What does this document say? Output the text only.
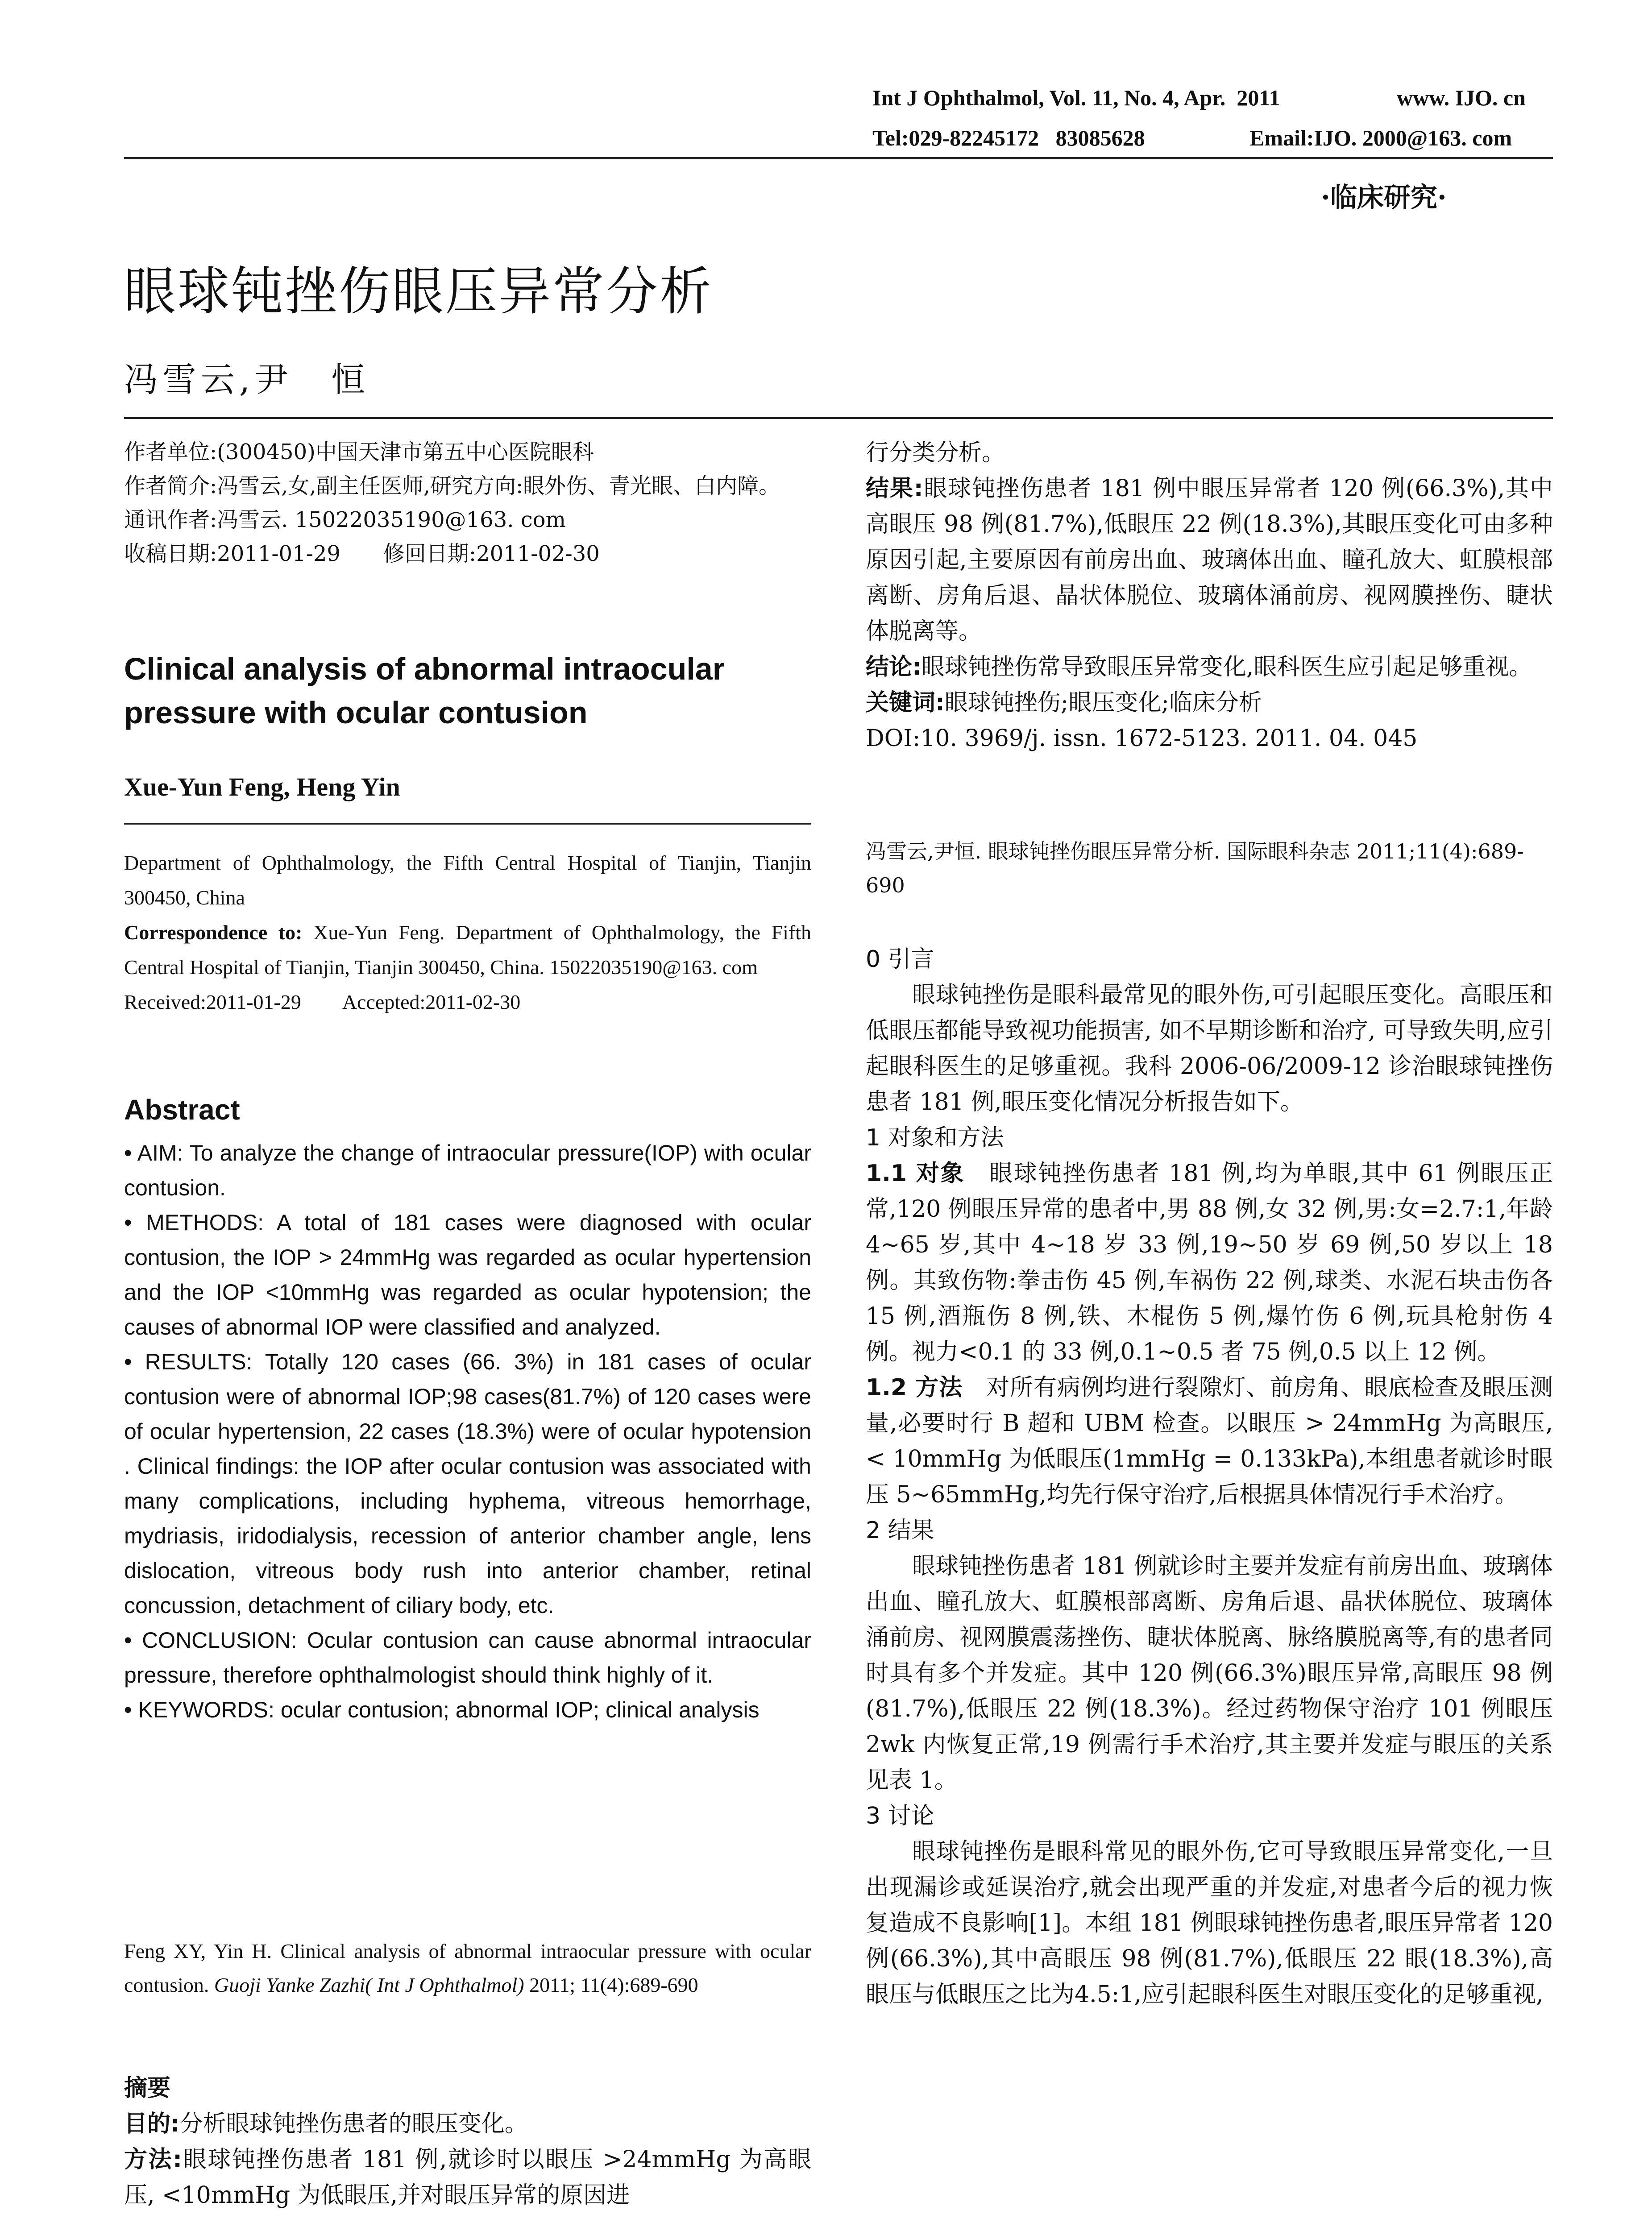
Int J Ophthalmol, Vol. 11, No. 4, Apr.  2011	www. IJO. cn
Tel:029-82245172   83085628	Email:IJO. 2000@163. com
·临床研究·
眼球钝挫伤眼压异常分析
冯雪云,尹　恒
作者单位:(300450)中国天津市第五中心医院眼科
作者简介:冯雪云,女,副主任医师,研究方向:眼外伤、青光眼、白内障。
通讯作者:冯雪云. 15022035190@163. com
收稿日期:2011-01-29　　修回日期:2011-02-30
Clinical analysis of abnormal intraocular pressure with ocular contusion
Xue-Yun Feng, Heng Yin
Department of Ophthalmology, the Fifth Central Hospital of Tianjin, Tianjin 300450, China
Correspondence to: Xue-Yun Feng. Department of Ophthalmology, the Fifth Central Hospital of Tianjin, Tianjin 300450, China. 15022035190@163. com
Received:2011-01-29　　Accepted:2011-02-30
Abstract

• AIM: To analyze the change of intraocular pressure(IOP) with ocular contusion.

• METHODS: A total of 181 cases were diagnosed with ocular contusion, the IOP > 24mmHg was regarded as ocular hypertension and the IOP <10mmHg was regarded as ocular hypotension; the causes of abnormal IOP were classified and analyzed.

• RESULTS: Totally 120 cases (66. 3%) in 181 cases of ocular contusion were of abnormal IOP;98 cases(81.7%) of 120 cases were of ocular hypertension, 22 cases (18.3%) were of ocular hypotension . Clinical findings: the IOP after ocular contusion was associated with many complications, including hyphema, vitreous hemorrhage, mydriasis, iridodialysis, recession of anterior chamber angle, lens dislocation, vitreous body rush into anterior chamber, retinal concussion, detachment of ciliary body, etc.

• CONCLUSION: Ocular contusion can cause abnormal intraocular pressure, therefore ophthalmologist should think highly of it.

• KEYWORDS: ocular contusion; abnormal IOP; clinical analysis

Feng XY, Yin H. Clinical analysis of abnormal intraocular pressure with ocular contusion. Guoji Yanke Zazhi( Int J Ophthalmol) 2011; 11(4):689-690
摘要

目的:分析眼球钝挫伤患者的眼压变化。

方法:眼球钝挫伤患者 181 例,就诊时以眼压 >24mmHg 为高眼压, <10mmHg 为低眼压,并对眼压异常的原因进

行分类分析。

结果:眼球钝挫伤患者 181 例中眼压异常者 120 例(66.3%),其中高眼压 98 例(81.7%),低眼压 22 例(18.3%),其眼压变化可由多种原因引起,主要原因有前房出血、玻璃体出血、瞳孔放大、虹膜根部离断、房角后退、晶状体脱位、玻璃体涌前房、视网膜挫伤、睫状体脱离等。

结论:眼球钝挫伤常导致眼压异常变化,眼科医生应引起足够重视。

关键词:眼球钝挫伤;眼压变化;临床分析

DOI:10. 3969/j. issn. 1672-5123. 2011. 04. 045

冯雪云,尹恒. 眼球钝挫伤眼压异常分析. 国际眼科杂志 2011;11(4):689-690

0 引言

眼球钝挫伤是眼科最常见的眼外伤,可引起眼压变化。高眼压和低眼压都能导致视功能损害, 如不早期诊断和治疗, 可导致失明,应引起眼科医生的足够重视。我科 2006-06/2009-12 诊治眼球钝挫伤患者 181 例,眼压变化情况分析报告如下。

1 对象和方法

1.1 对象　 眼球钝挫伤患者 181 例,均为单眼,其中 61 例眼压正常,120 例眼压异常的患者中,男 88 例,女 32 例,男:女=2.7:1,年龄 4~65 岁,其中 4~18 岁 33 例,19~50 岁 69 例,50 岁以上 18 例。其致伤物:拳击伤 45 例,车祸伤 22 例,球类、水泥石块击伤各 15 例,酒瓶伤 8 例,铁、木棍伤 5 例,爆竹伤 6 例,玩具枪射伤 4 例。视力<0.1 的 33 例,0.1~0.5 者 75 例,0.5 以上 12 例。

1.2 方法　 对所有病例均进行裂隙灯、前房角、眼底检查及眼压测量,必要时行 B 超和 UBM 检查。以眼压 > 24mmHg 为高眼压, < 10mmHg 为低眼压(1mmHg = 0.133kPa),本组患者就诊时眼压 5~65mmHg,均先行保守治疗,后根据具体情况行手术治疗。

2 结果

眼球钝挫伤患者 181 例就诊时主要并发症有前房出血、玻璃体出血、瞳孔放大、虹膜根部离断、房角后退、晶状体脱位、玻璃体涌前房、视网膜震荡挫伤、睫状体脱离、脉络膜脱离等,有的患者同时具有多个并发症。其中 120 例(66.3%)眼压异常,高眼压 98 例(81.7%),低眼压 22 例(18.3%)。经过药物保守治疗 101 例眼压 2wk 内恢复正常,19 例需行手术治疗,其主要并发症与眼压的关系见表 1。

3 讨论

眼球钝挫伤是眼科常见的眼外伤,它可导致眼压异常变化,一旦出现漏诊或延误治疗,就会出现严重的并发症,对患者今后的视力恢复造成不良影响[1]。本组 181 例眼球钝挫伤患者,眼压异常者 120 例(66.3%),其中高眼压 98 例(81.7%),低眼压 22 眼(18.3%),高眼压与低眼压之比为4.5:1,应引起眼科医生对眼压变化的足够重视,
